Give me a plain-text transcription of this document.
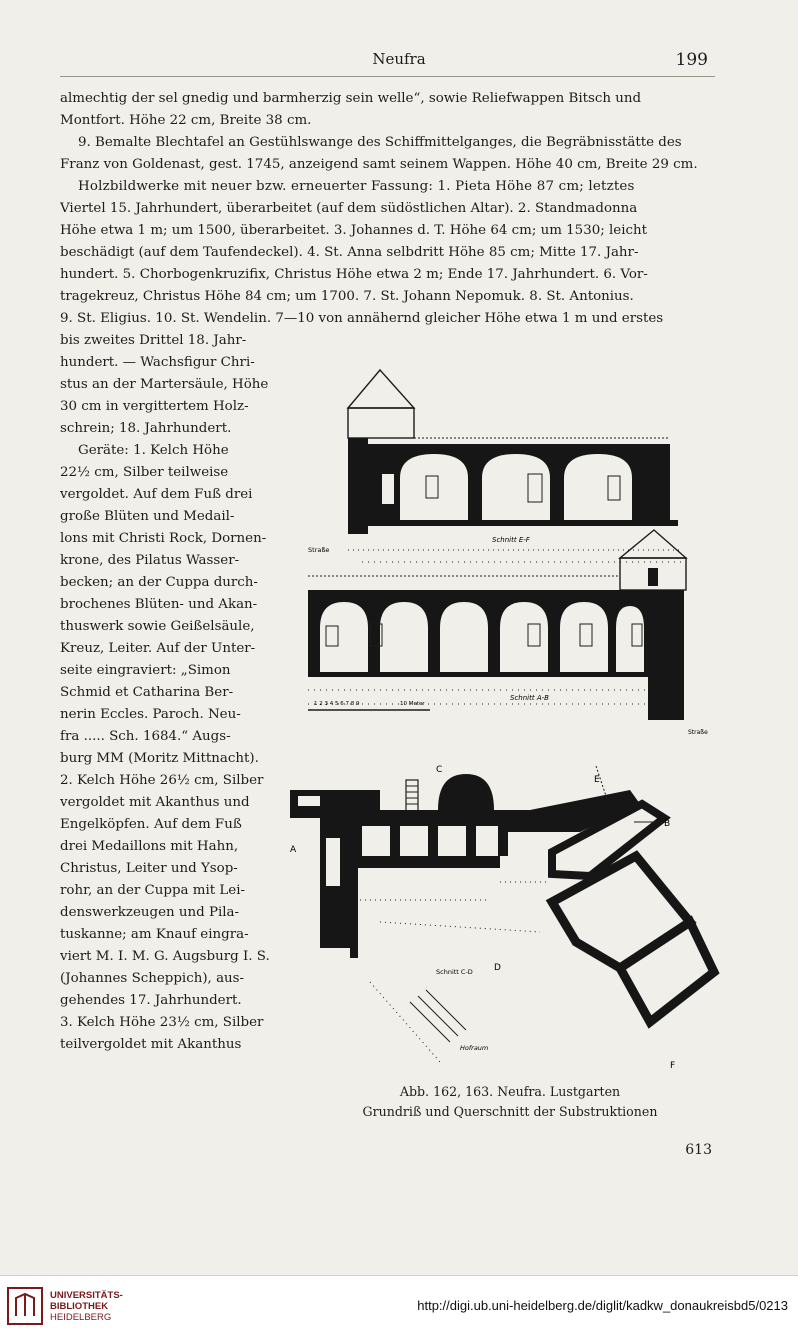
Neufra	199
almechtig der sel gnedig und barmherzig sein welle“, sowie Reliefwappen Bitsch und
Montfort. Höhe 22 cm, Breite 38 cm.
9. Bemalte Blechtafel an Gestühlswange des Schiffmittelganges, die Begräbnisstätte des
Franz von Goldenast, gest. 1745, anzeigend samt seinem Wappen. Höhe 40 cm, Breite 29 cm.
Holzbildwerke mit neuer bzw. erneuerter Fassung: 1. Pieta Höhe 87 cm; letztes
Viertel 15. Jahrhundert, überarbeitet (auf dem südöstlichen Altar). 2. Standmadonna
Höhe etwa 1 m; um 1500, überarbeitet. 3. Johannes d. T. Höhe 64 cm; um 1530; leicht
beschädigt (auf dem Taufendeckel). 4. St. Anna selbdritt Höhe 85 cm; Mitte 17. Jahr-
hundert. 5. Chorbogenkruzifix, Christus Höhe etwa 2 m; Ende 17. Jahrhundert. 6. Vor-
tragekreuz, Christus Höhe 84 cm; um 1700. 7. St. Johann Nepomuk. 8. St. Antonius.
9. St. Eligius. 10. St. Wendelin. 7—10 von annähernd gleicher Höhe etwa 1 m und erstes
bis zweites Drittel 18. Jahr-
hundert. — Wachsfigur Chri-
stus an der Martersäule, Höhe
30 cm in vergittertem Holz-
schrein; 18. Jahrhundert.
Geräte: 1. Kelch Höhe
22½ cm, Silber teilweise
vergoldet. Auf dem Fuß drei
große Blüten und Medail-
lons mit Christi Rock, Dornen-
krone, des Pilatus Wasser-
becken; an der Cuppa durch-
brochenes Blüten- und Akan-
thuswerk sowie Geißelsäule,
Kreuz, Leiter. Auf der Unter-
seite eingraviert: „Simon
Schmid et Catharina Ber-
nerin Eccles. Paroch. Neu-
fra ..... Sch. 1684.“ Augs-
burg MM (Moritz Mittnacht).
2. Kelch Höhe 26½ cm, Silber
vergoldet mit Akanthus und
Engelköpfen. Auf dem Fuß
drei Medaillons mit Hahn,
Christus, Leiter und Ysop-
rohr, an der Cuppa mit Lei-
denswerkzeugen und Pila-
tuskanne; am Knauf eingra-
viert M. I. M. G. Augsburg I. S.
(Johannes Scheppich), aus-
gehendes 17. Jahrhundert.
3. Kelch Höhe 23½ cm, Silber
teilvergoldet mit Akanthus
Straße
Schnitt E-F
1 2 3 4 5 6 7 8 9	10 Meter
Schnitt A-B
Straße
C
E
B
A
D
F
Schnitt C-D
Hofraum
Abb. 162, 163. Neufra. Lustgarten
Grundriß und Querschnitt der Substruktionen
613
UNIVERSITÄTS-
BIBLIOTHEK
HEIDELBERG
http://digi.ub.uni-heidelberg.de/diglit/kadkw_donaukreisbd5/0213
